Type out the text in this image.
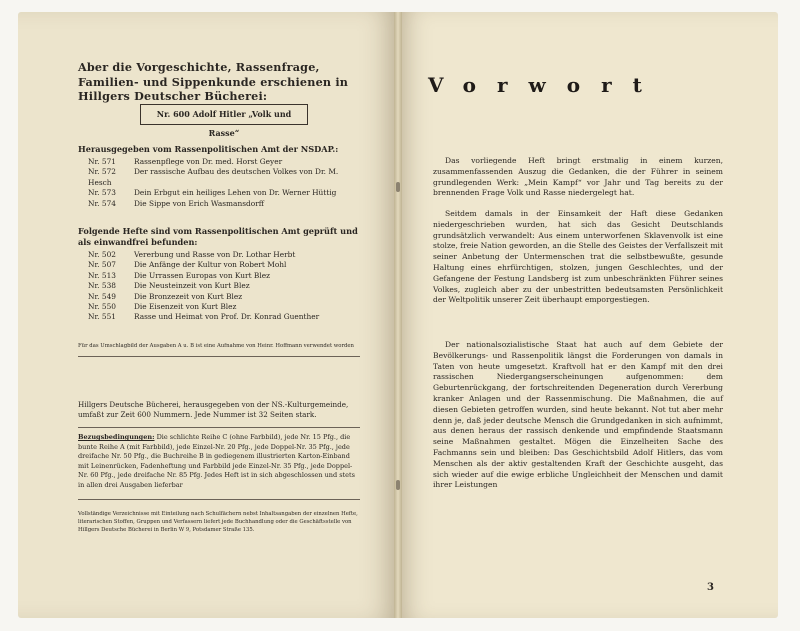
Aber die Vorgeschichte, Rassenfrage, Familien- und Sippenkunde erschienen in Hillgers Deutscher Bücherei:
Nr. 600 Adolf Hitler „Volk und Rasse“
Herausgegeben vom Rassenpolitischen Amt der NSDAP.:
Nr. 571 Rassenpflege von Dr. med. Horst Geyer
Nr. 572 Der rassische Aufbau des deutschen Volkes von Dr. M. Hesch
Nr. 573 Dein Erbgut ein heiliges Lehen von Dr. Werner Hüttig
Nr. 574 Die Sippe von Erich Wasmansdorff
Folgende Hefte sind vom Rassenpolitischen Amt geprüft und als einwandfrei befunden:
Nr. 502 Vererbung und Rasse von Dr. Lothar Herbt
Nr. 507 Die Anfänge der Kultur von Robert Mohl
Nr. 513 Die Urrassen Europas von Kurt Blez
Nr. 538 Die Neusteinzeit von Kurt Blez
Nr. 549 Die Bronzezeit von Kurt Blez
Nr. 550 Die Eisenzeit von Kurt Blez
Nr. 551 Rasse und Heimat von Prof. Dr. Konrad Guenther
Für das Umschlagbild der Ausgaben A u. B ist eine Aufnahme von Heinr. Hoffmann verwendet worden
Hillgers Deutsche Bücherei, herausgegeben von der NS.-Kulturgemeinde, umfaßt zur Zeit 600 Nummern. Jede Nummer ist 32 Seiten stark.
Bezugsbedingungen: Die schlichte Reihe C (ohne Farbbild), jede Nr. 15 Pfg., die bunte Reihe A (mit Farbbild), jede Einzel-Nr. 20 Pfg., jede Doppel-Nr. 35 Pfg., jede dreifache Nr. 50 Pfg., die Buchreihe B in gediegenem illustrierten Karton-Einband mit Leinenrücken, Fadenheftung und Farbbild jede Einzel-Nr. 35 Pfg., jede Doppel-Nr. 60 Pfg., jede dreifache Nr. 85 Pfg. Jedes Heft ist in sich abgeschlossen und stets in allen drei Ausgaben lieferbar
Vollständige Verzeichnisse mit Einteilung nach Schulfächern nebst Inhaltsangaben der einzelnen Hefte, literarischen Stoffen, Gruppen und Verfassern liefert jede Buchhandlung oder die Geschäftsstelle von Hillgers Deutsche Bücherei in Berlin W 9, Potsdamer Straße 135.
Vorwort
Das vorliegende Heft bringt erstmalig in einem kurzen, zusammenfassenden Auszug die Gedanken, die der Führer in seinem grundlegenden Werk: „Mein Kampf“ vor Jahr und Tag bereits zu der brennenden Frage Volk und Rasse niedergelegt hat.
Seitdem damals in der Einsamkeit der Haft diese Gedanken niedergeschrieben wurden, hat sich das Gesicht Deutschlands grundsätzlich verwandelt: Aus einem unterworfenen Sklavenvolk ist eine stolze, freie Nation geworden, an die Stelle des Geistes der Verfallszeit mit seiner Anbetung der Untermenschen trat die selbstbewußte, gesunde Haltung eines ehrfürchtigen, stolzen, jungen Geschlechtes, und der Gefangene der Festung Landsberg ist zum unbeschränkten Führer seines Volkes, zugleich aber zu der unbestritten bedeutsamsten Persönlichkeit der Weltpolitik unserer Zeit überhaupt emporgestiegen.
Der nationalsozialistische Staat hat auch auf dem Gebiete der Bevölkerungs- und Rassenpolitik längst die Forderungen von damals in Taten von heute umgesetzt. Kraftvoll hat er den Kampf mit den drei rassischen Niedergangserscheinungen aufgenommen: dem Geburtenrückgang, der fortschreitenden Degeneration durch Vererbung kranker Anlagen und der Rassenmischung. Die Maßnahmen, die auf diesen Gebieten getroffen wurden, sind heute bekannt. Not tut aber mehr denn je, daß jeder deutsche Mensch die Grundgedanken in sich aufnimmt, aus denen heraus der rassisch denkende und empfindende Staatsmann seine Maßnahmen gestaltet. Mögen die Einzelheiten Sache des Fachmanns sein und bleiben: Das Geschichtsbild Adolf Hitlers, das vom Menschen als der aktiv gestaltenden Kraft der Geschichte ausgeht, das sich wieder auf die ewige erbliche Ungleichheit der Menschen und damit ihrer Leistungen
3
